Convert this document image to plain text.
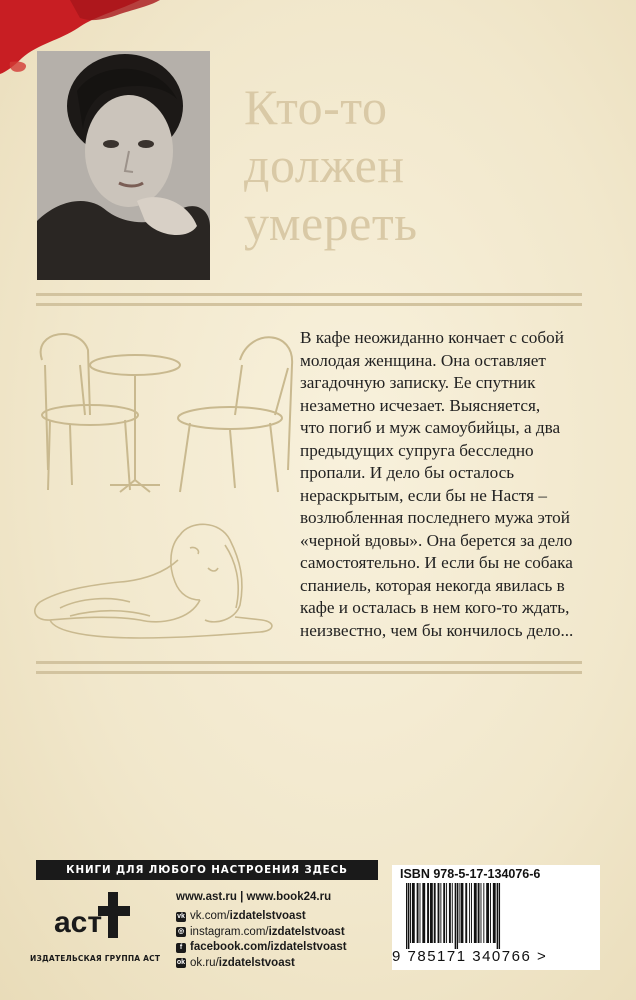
Кто-то
должен
умереть

В кафе неожиданно кончает с собой
молодая женщина. Она оставляет
загадочную записку. Ее спутник
незаметно исчезает. Выясняется,
что погиб и муж самоубийцы, а два
предыдущих супруга бесследно
пропали. И дело бы осталось
нераскрытым, если бы не Настя –
возлюбленная последнего мужа этой
«черной вдовы». Она берется за дело
самостоятельно. И если бы не собака
спаниель, которая некогда явилась в
кафе и осталась в нем кого-то ждать,
неизвестно, чем бы кончилось дело...

КНИГИ ДЛЯ ЛЮБОГО НАСТРОЕНИЯ ЗДЕСЬ
аст
ИЗДАТЕЛЬСКАЯ ГРУППА АСТ
www.ast.ru | www.book24.ru
vk vk.com/ izdatelstvoast
◎ instagram.com/ izdatelstvoast
f facebook.com/ izdatelstvoast
ok ok.ru/ izdatelstvoast
ISBN 978-5-17-134076-6
9 785171 340766 >
